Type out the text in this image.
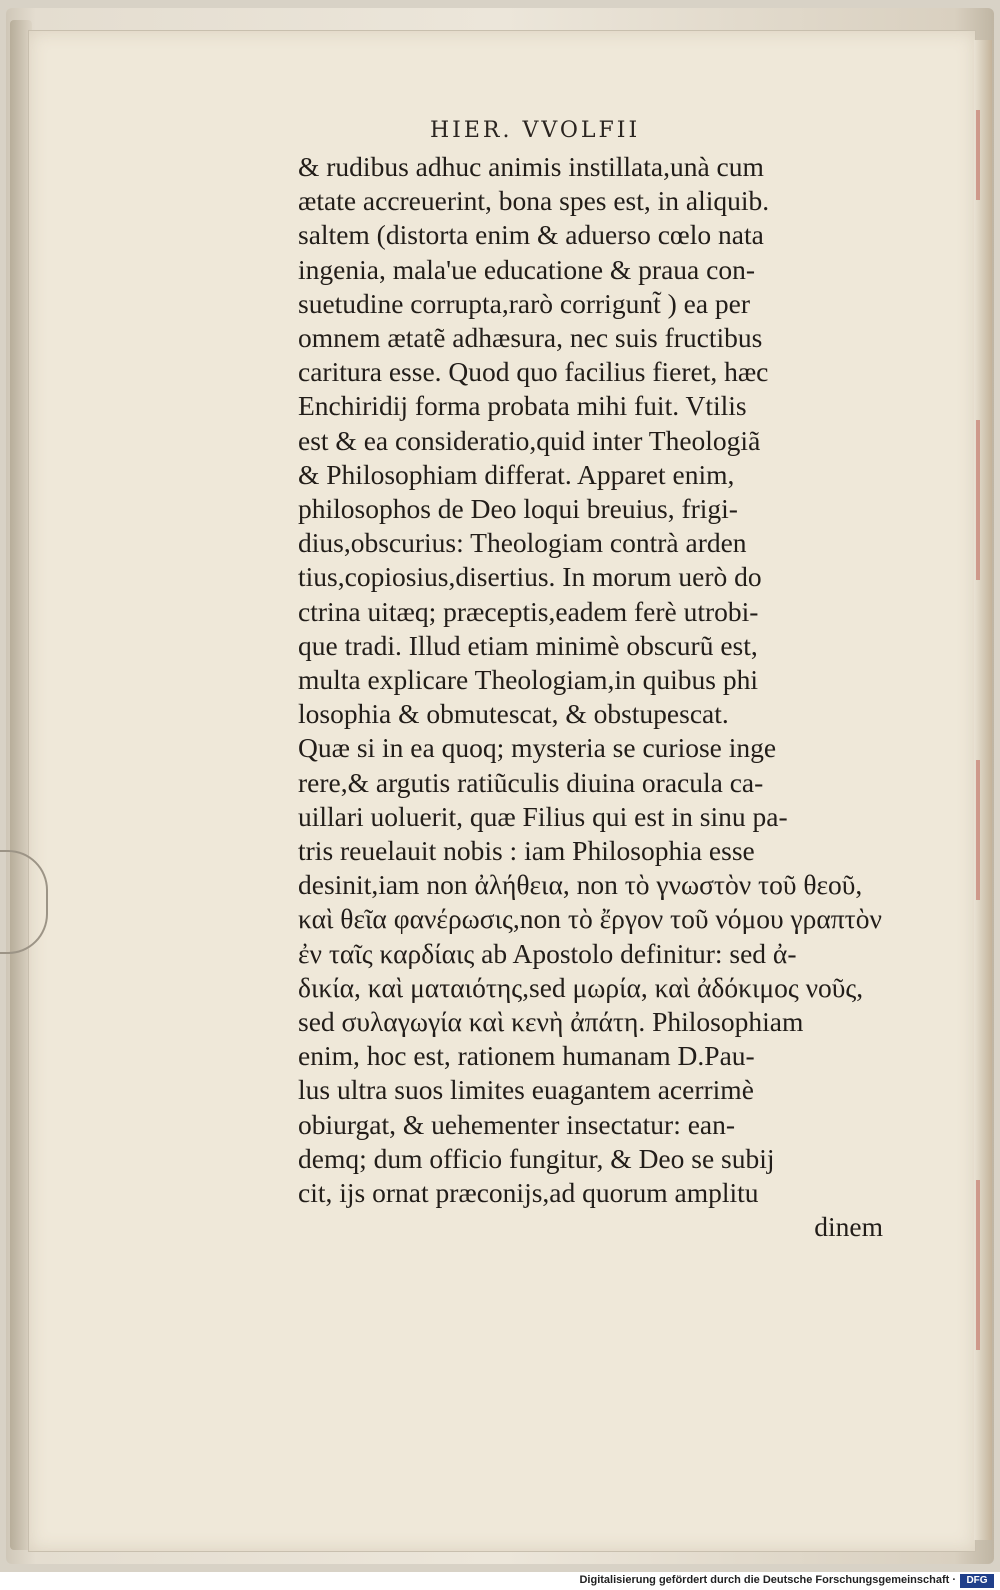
HIER. VVOLFII
& rudibus adhuc animis instillata,unà cum
ætate accreuerint, bona spes est, in aliquib.
saltem (distorta enim & aduerso cœlo nata
ingenia, mala'ue educatione & praua con-
suetudine corrupta,rarò corrigunt̃ ) ea per
omnem ætatẽ adhæsura, nec suis fructibus
caritura esse. Quod quo facilius fieret, hæc
Enchiridij forma probata mihi fuit. Vtilis
est & ea consideratio,quid inter Theologiã
& Philosophiam differat. Apparet enim,
philosophos de Deo loqui breuius, frigi-
dius,obscurius: Theologiam contrà arden
tius,copiosius,disertius. In morum uerò do
ctrina uitæq; præceptis,eadem ferè utrobi-
que tradi. Illud etiam minimè obscurũ est,
multa explicare Theologiam,in quibus phi
losophia & obmutescat, & obstupescat.
Quæ si in ea quoq; mysteria se curiose inge
rere,& argutis ratiũculis diuina oracula ca-
uillari uoluerit, quæ Filius qui est in sinu pa-
tris reuelauit nobis : iam Philosophia esse
desinit,iam non ἀλήθεια, non τὸ γνωστὸν τοῦ θεοῦ,
καὶ θεῖα φανέρωσις,non τὸ ἔργον τοῦ νόμου γραπτὸν
ἐν ταῖς καρδίαις ab Apostolo definitur: sed ἀ-
δικία, καὶ ματαιότης,sed μωρία, καὶ ἀδόκιμος νοῦς,
sed συλαγωγία καὶ κενὴ ἀπάτη. Philosophiam
enim, hoc est, rationem humanam D.Pau-
lus ultra suos limites euagantem acerrimè
obiurgat, & uehementer insectatur: ean-
demq; dum officio fungitur, & Deo se subij
cit, ijs ornat præconijs,ad quorum amplitu
dinem
Digitalisierung gefördert durch die Deutsche Forschungsgemeinschaft ·	DFG
